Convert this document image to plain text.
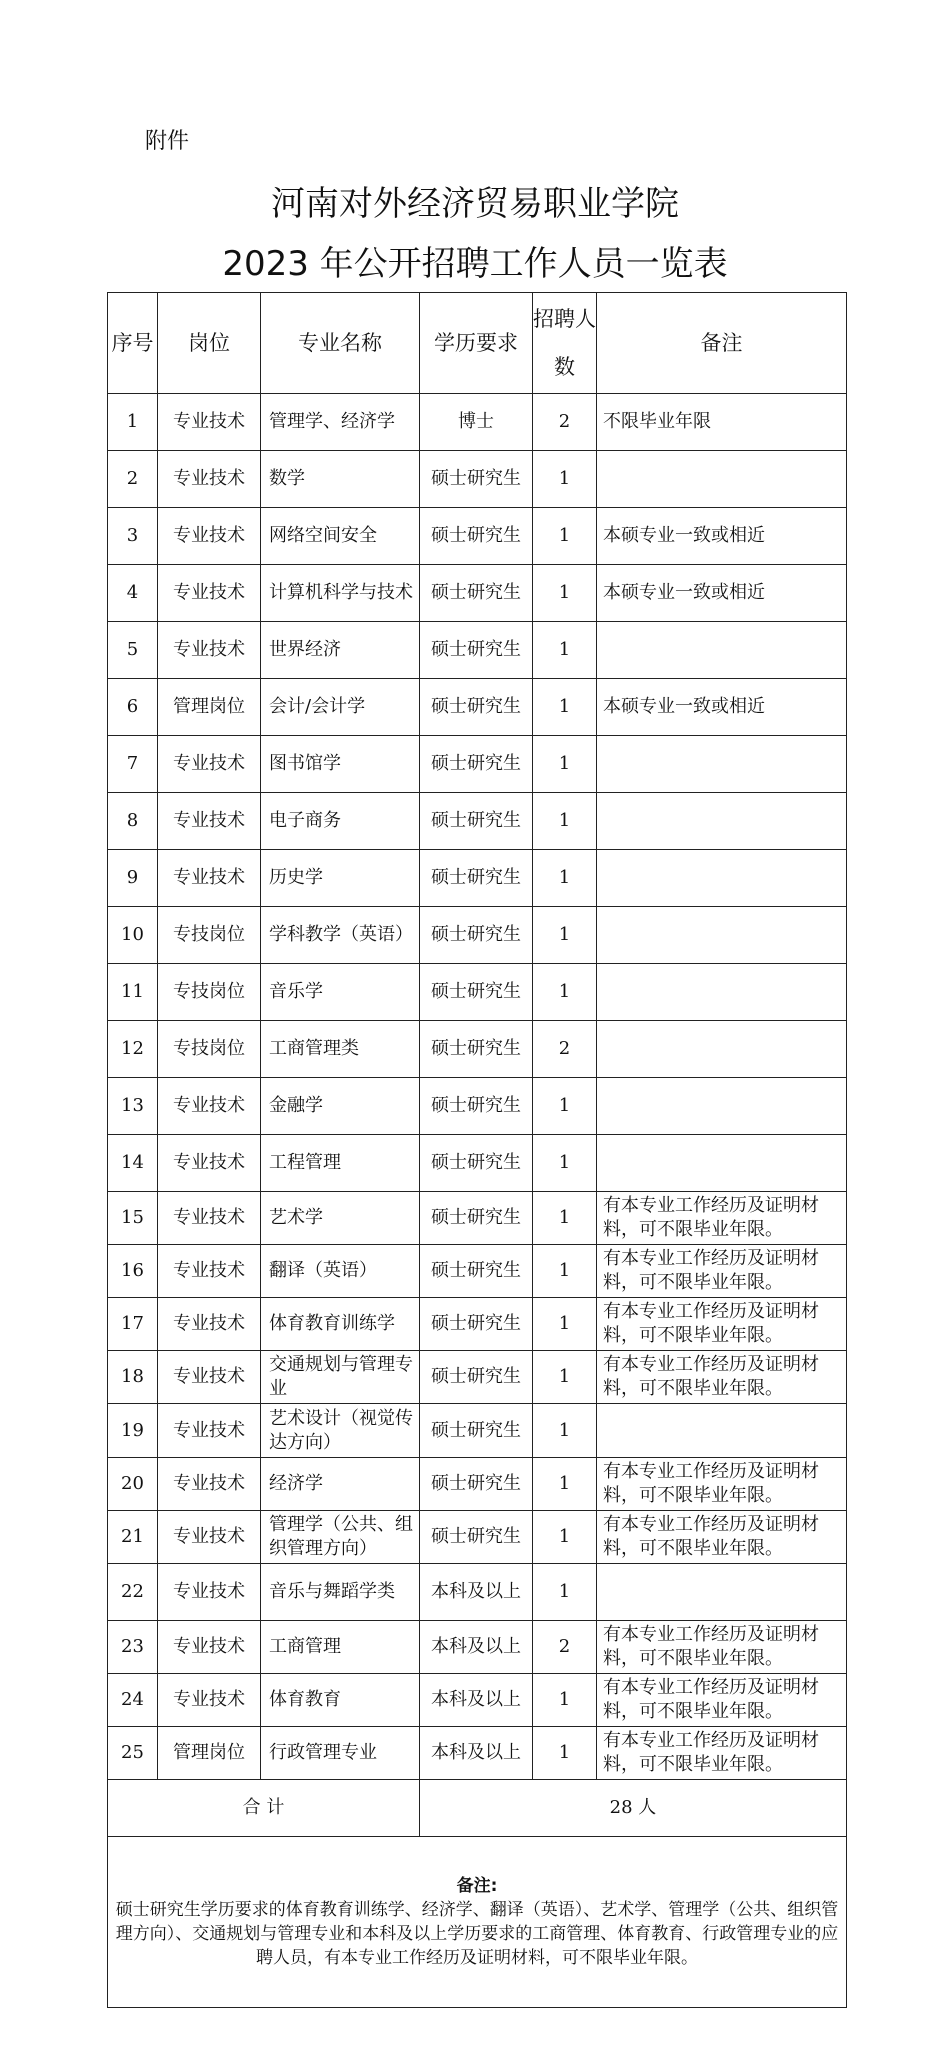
附件
河南对外经济贸易职业学院
2023 年公开招聘工作人员一览表
序号	岗位	专业名称	学历要求	招聘人数	备注
1	专业技术	管理学、经济学	博士	2	不限毕业年限
2	专业技术	数学	硕士研究生	1	
3	专业技术	网络空间安全	硕士研究生	1	本硕专业一致或相近
4	专业技术	计算机科学与技术	硕士研究生	1	本硕专业一致或相近
5	专业技术	世界经济	硕士研究生	1	
6	管理岗位	会计/会计学	硕士研究生	1	本硕专业一致或相近
7	专业技术	图书馆学	硕士研究生	1	
8	专业技术	电子商务	硕士研究生	1	
9	专业技术	历史学	硕士研究生	1	
10	专技岗位	学科教学（英语）	硕士研究生	1	
11	专技岗位	音乐学	硕士研究生	1	
12	专技岗位	工商管理类	硕士研究生	2	
13	专业技术	金融学	硕士研究生	1	
14	专业技术	工程管理	硕士研究生	1	
15	专业技术	艺术学	硕士研究生	1	有本专业工作经历及证明材料，可不限毕业年限。
16	专业技术	翻译（英语）	硕士研究生	1	有本专业工作经历及证明材料，可不限毕业年限。
17	专业技术	体育教育训练学	硕士研究生	1	有本专业工作经历及证明材料，可不限毕业年限。
18	专业技术	交通规划与管理专业	硕士研究生	1	有本专业工作经历及证明材料，可不限毕业年限。
19	专业技术	艺术设计（视觉传达方向）	硕士研究生	1	
20	专业技术	经济学	硕士研究生	1	有本专业工作经历及证明材料，可不限毕业年限。
21	专业技术	管理学（公共、组织管理方向）	硕士研究生	1	有本专业工作经历及证明材料，可不限毕业年限。
22	专业技术	音乐与舞蹈学类	本科及以上	1	
23	专业技术	工商管理	本科及以上	2	有本专业工作经历及证明材料，可不限毕业年限。
24	专业技术	体育教育	本科及以上	1	有本专业工作经历及证明材料，可不限毕业年限。
25	管理岗位	行政管理专业	本科及以上	1	有本专业工作经历及证明材料，可不限毕业年限。
合 计			28 人		

备注:
硕士研究生学历要求的体育教育训练学、经济学、翻译（英语）、艺术学、管理学（公共、组织管理方向）、交通规划与管理专业和本科及以上学历要求的工商管理、体育教育、行政管理专业的应聘人员，有本专业工作经历及证明材料，可不限毕业年限。					
